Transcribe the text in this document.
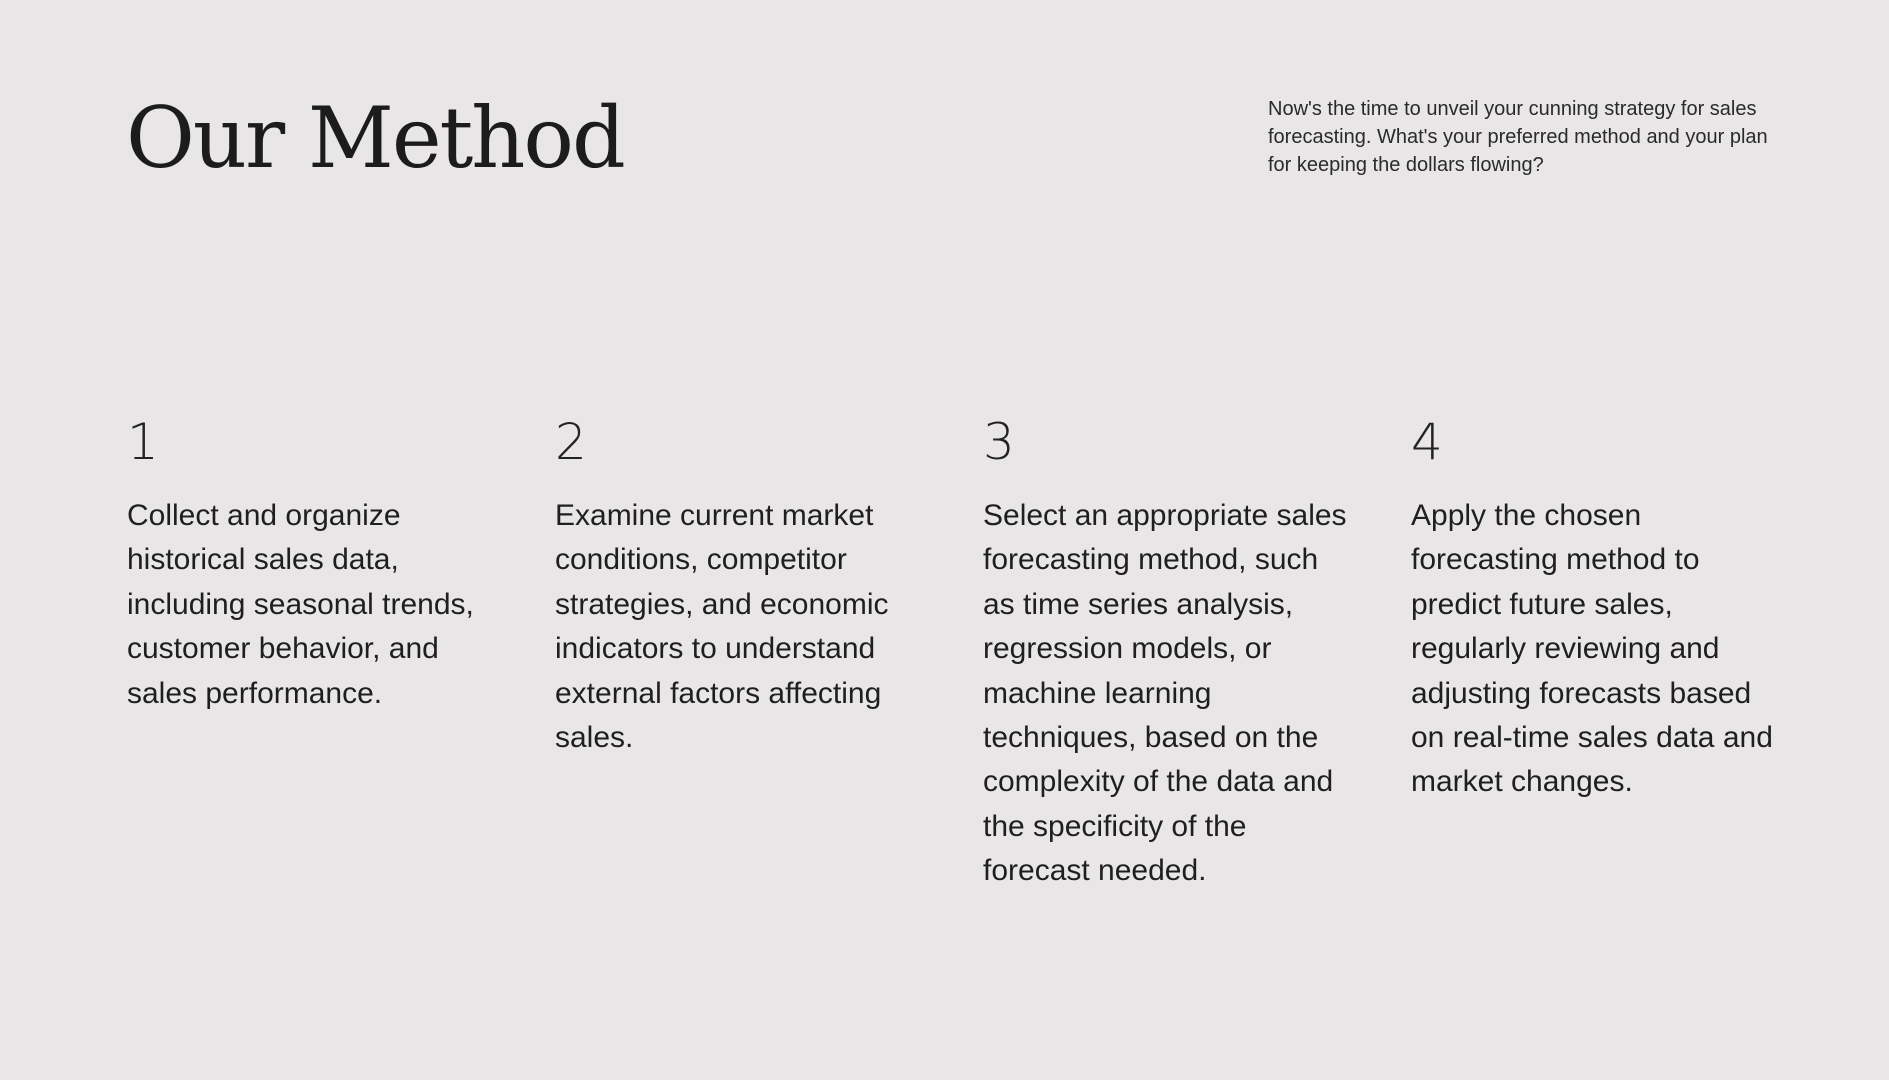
Our Method	Now's the time to unveil your cunning strategy for sales forecasting. What's your preferred method and your plan for keeping the dollars flowing?

1

Collect and organize historical sales data, including seasonal trends, customer behavior, and sales performance.

2

Examine current market conditions, competitor strategies, and economic indicators to understand external factors affecting sales.

3

Select an appropriate sales forecasting method, such as time series analysis, regression models, or machine learning techniques, based on the complexity of the data and the specificity of the forecast needed.

4

Apply the chosen forecasting method to predict future sales, regularly reviewing and adjusting forecasts based on real-time sales data and market changes.
